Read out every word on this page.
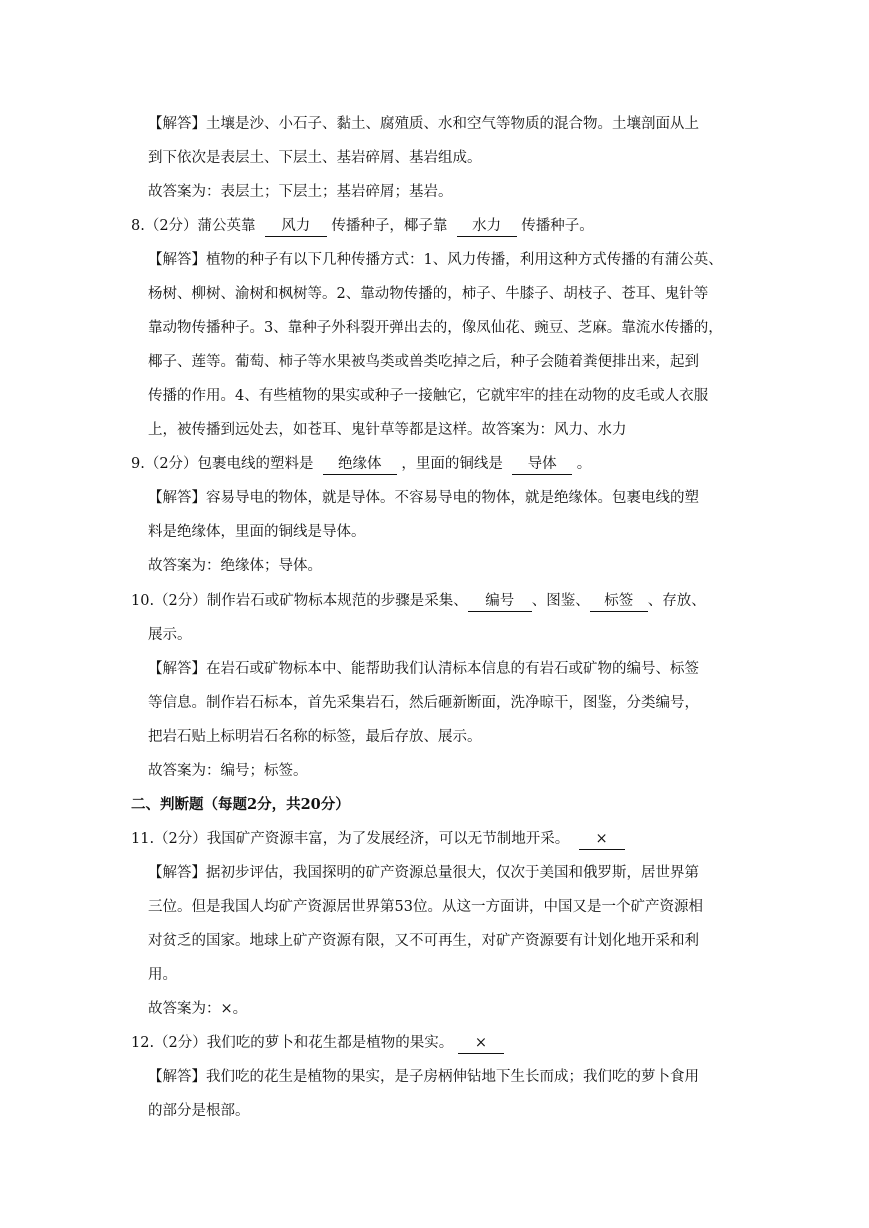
【解答】土壤是沙、小石子、黏土、腐殖质、水和空气等物质的混合物。土壤剖面从上
到下依次是表层土、下层土、基岩碎屑、基岩组成。
故答案为：表层土；下层土；基岩碎屑；基岩。
8.（2分）蒲公英靠 风力 传播种子，椰子靠 水力 传播种子。
【解答】植物的种子有以下几种传播方式：1、风力传播，利用这种方式传播的有蒲公英、
杨树、柳树、渝树和枫树等。2、靠动物传播的，柿子、牛膝子、胡枝子、苍耳、鬼针等
靠动物传播种子。3、靠种子外科裂开弹出去的，像凤仙花、豌豆、芝麻。靠流水传播的，
椰子、莲等。葡萄、柿子等水果被鸟类或兽类吃掉之后，种子会随着粪便排出来，起到
传播的作用。4、有些植物的果实或种子一接触它，它就牢牢的挂在动物的皮毛或人衣服
上，被传播到远处去，如苍耳、鬼针草等都是这样。故答案为：风力、水力
9.（2分）包裹电线的塑料是 绝缘体 ，里面的铜线是 导体 。
【解答】容易导电的物体，就是导体。不容易导电的物体，就是绝缘体。包裹电线的塑
料是绝缘体，里面的铜线是导体。
故答案为：绝缘体；导体。
10.（2分）制作岩石或矿物标本规范的步骤是采集、 编号 、图鉴、 标签 、存放、
展示。
【解答】在岩石或矿物标本中、能帮助我们认清标本信息的有岩石或矿物的编号、标签
等信息。制作岩石标本，首先采集岩石，然后砸新断面，洗净晾干，图鉴，分类编号，
把岩石贴上标明岩石名称的标签，最后存放、展示。
故答案为：编号；标签。
二、判断题（每题2分，共20分）
11.（2分）我国矿产资源丰富，为了发展经济，可以无节制地开采。 ×
【解答】据初步评估，我国探明的矿产资源总量很大，仅次于美国和俄罗斯，居世界第
三位。但是我国人均矿产资源居世界第53位。从这一方面讲，中国又是一个矿产资源相
对贫乏的国家。地球上矿产资源有限，又不可再生，对矿产资源要有计划化地开采和利
用。
故答案为：×。
12.（2分）我们吃的萝卜和花生都是植物的果实。 ×
【解答】我们吃的花生是植物的果实，是子房柄伸钻地下生长而成；我们吃的萝卜食用
的部分是根部。
